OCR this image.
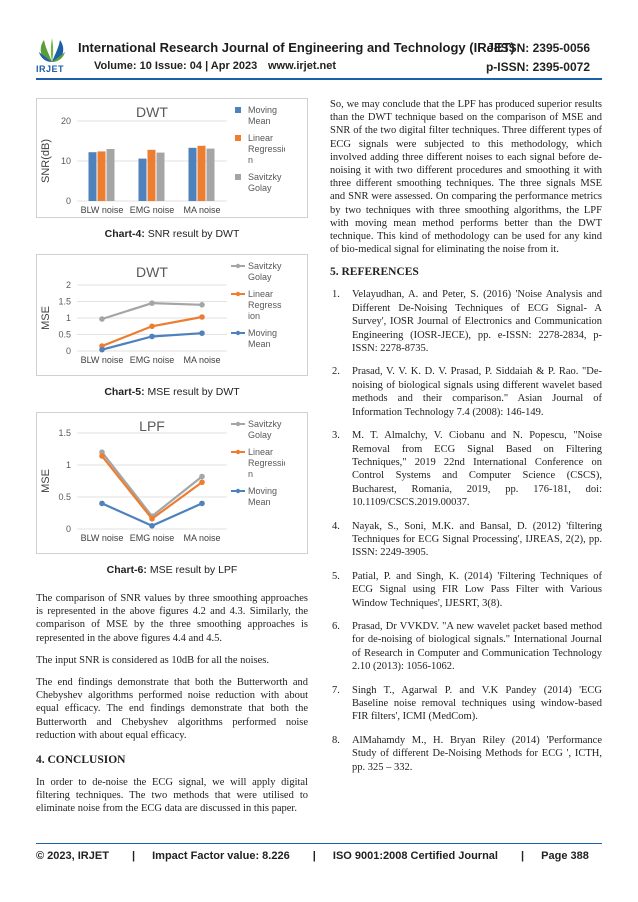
IRJET
International Research Journal of Engineering and Technology (IRJET)
e-ISSN: 2395-0056
Volume: 10 Issue: 04 | Apr 2023 www.irjet.net	p-ISSN: 2395-0072
0
10
20
DWT
SNR(dB)
BLW noise EMG noise MA noise
Moving
Mean
Linear
Regressio
n
Savitzky
Golay
Chart-4: SNR result by DWT
0
0.5
1
1.5
2
DWT
MSE
BLW noise EMG noise MA noise
Savitzky
Golay
Linear
Regress
ion
Moving
Mean
Chart-5: MSE result by DWT
0
0.5
1
1.5	LPF
MSE
BLW noise EMG noise MA noise
Savitzky
Golay
Linear
Regressio
n
Moving
Mean
Chart-6: MSE result by LPF

The comparison of SNR values by three smoothing approaches is represented in the above figures 4.2 and 4.3. Similarly, the comparison of MSE by the three smoothing approaches is represented in the above figures 4.4 and 4.5.

The input SNR is considered as 10dB for all the noises.

The end findings demonstrate that both the Butterworth and Chebyshev algorithms performed noise reduction with about equal efficacy. The end findings demonstrate that both the Butterworth and Chebyshev algorithms performed noise reduction with about equal efficacy.

4. CONCLUSION

In order to de-noise the ECG signal, we will apply digital filtering techniques. The two methods that were utilised to eliminate noise from the ECG data are discussed in this paper.

So, we may conclude that the LPF has produced superior results than the DWT technique based on the comparison of MSE and SNR of the two digital filter techniques. Three different types of ECG signals were subjected to this methodology, which involved adding three different noises to each signal before de-noising it with two different procedures and smoothing it with three different smoothing techniques. The three signals MSE and SNR were assessed. On comparing the performance metrics by two techniques with three smoothing algorithms, the LPF with moving mean method performs better than the DWT technique. This kind of methodology can be used for any kind of bio-medical signal for eliminating the noise from it.

5. REFERENCES
1. Velayudhan, A. and Peter, S. (2016) 'Noise Analysis and Different De-Noising Techniques of ECG Signal- A Survey', IOSR Journal of Electronics and Communication Engineering (IOSR-JECE), pp. e-ISSN: 2278-2834, p- ISSN: 2278-8735.
2. Prasad, V. V. K. D. V. Prasad, P. Siddaiah & P. Rao. "De-noising of biological signals using different wavelet based methods and their comparison." Asian Journal of Information Technology 7.4 (2008): 146-149.
3. M. T. Almalchy, V. Ciobanu and N. Popescu, "Noise Removal from ECG Signal Based on Filtering Techniques," 2019 22nd International Conference on Control Systems and Computer Science (CSCS), Bucharest, Romania, 2019, pp. 176-181, doi: 10.1109/CSCS.2019.00037.
4. Nayak, S., Soni, M.K. and Bansal, D. (2012) 'filtering Techniques for ECG Signal Processing', IJREAS, 2(2), pp. ISSN: 2249-3905.
5. Patial, P. and Singh, K. (2014) 'Filtering Techniques of ECG Signal using FIR Low Pass Filter with Various Window Techniques', IJESRT, 3(8).
6. Prasad, Dr VVKDV. "A new wavelet packet based method for de-noising of biological signals." International Journal of Research in Computer and Communication Technology 2.10 (2013): 1056-1062.
7. Singh T., Agarwal P. and V.K Pandey (2014) 'ECG Baseline noise removal techniques using window-based FIR filters', ICMI (MedCom).
8. AlMahamdy M., H. Bryan Riley (2014) 'Performance Study of different De-Noising Methods for ECG ', ICTH, pp. 325 – 332.
© 2023, IRJET | Impact Factor value: 8.226 | ISO 9001:2008 Certified Journal | Page 388
